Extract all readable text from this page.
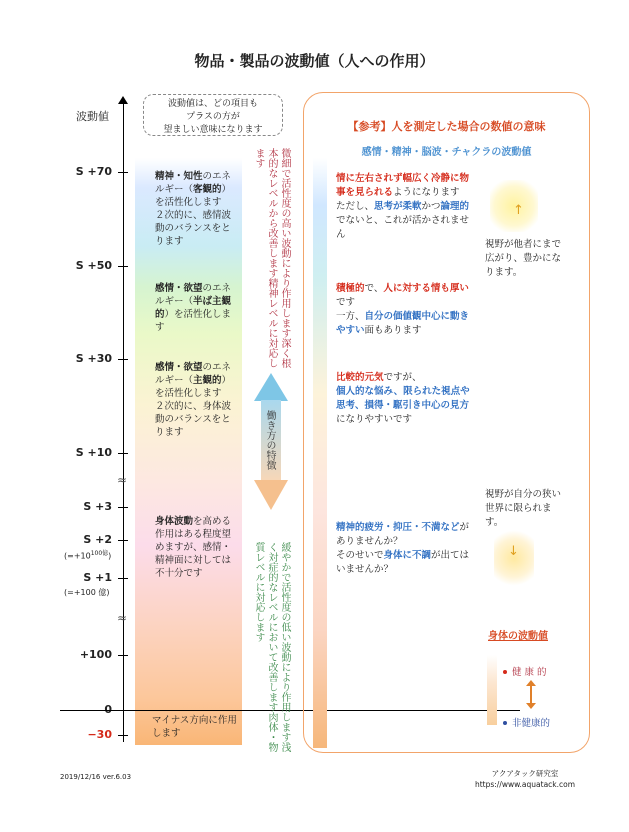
物品・製品の波動値（人への作用）
波動値は、どの項目も
プラスの方が
望ましい意味になります
波動値
S +70
S +50
S +30
S +10
S +3
S +2
S +1
+100
−30
$(=+10^{100億})$
(=+100 億)
≈
≈
精神・知性のエネルギー（客観的）を活性化します
２次的に、感情波動のバランスをとります
感情・欲望のエネルギー（半ば主観的）を活性化します
感情・欲望のエネルギー（主観的）を活性化します
２次的に、身体波動のバランスをとります
身体波動を高める作用はある程度望めますが、感情・精神面に対しては不十分です
マイナス方向に作用します
微細で活性度の高い波動により作用します深く根本的なレベルから改善します精神レベルに対応します
働き方の特徴
緩やかで活性度の低い波動により作用します浅く対症的なレベルにおいて改善します肉体・物質レベルに対応します
【参考】人を測定した場合の数値の意味
感情・精神・脳波・チャクラの波動値
情に左右されず幅広く冷静に物事を見られるようになります
ただし、思考が柔軟かつ論理的でないと、これが活かされません
積極的で、人に対する情も厚いです
一方、自分の価値観中心に動きやすい面もあります
比較的元気ですが、
個人的な悩み、限られた視点や思考、損得・駆引き中心の見方
になりやすいです
精神的疲労・抑圧・不満などがありませんか？
そのせいで身体に不調が出てはいませんか？
↑
視野が他者にまで広がり、豊かになります。
視野が自分の狭い世界に限られます。
↓
身体の波動値
健 康 的
非健康的
2019/12/16 ver.6.03	アクアタック研究室
https://www.aquatack.com
